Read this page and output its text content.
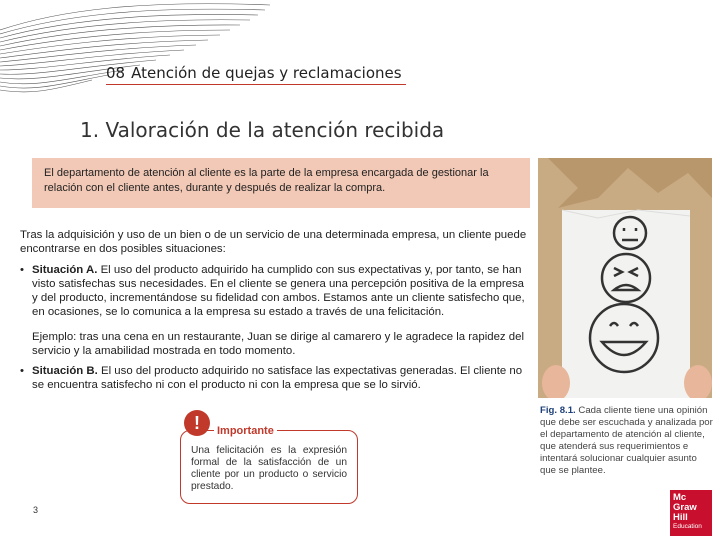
08 Atención de quejas y reclamaciones
1. Valoración de la atención recibida
El departamento de atención al cliente es la parte de la empresa encargada de gestionar la relación con el cliente antes, durante y después de realizar la compra.
Tras la adquisición y uso de un bien o de un servicio de una determinada empresa, un cliente puede encontrarse en dos posibles situaciones:
• Situación A. El uso del producto adquirido ha cumplido con sus expectativas y, por tanto, se han visto satisfechas sus necesidades. En el cliente se genera una percepción positiva de la empresa y del producto, incrementándose su fidelidad con ambos. Estamos ante un cliente satisfecho que, en ocasiones, se lo comunica a la empresa su estado a través de una felicitación.
Ejemplo: tras una cena en un restaurante, Juan se dirige al camarero y le agradece la rapidez del servicio y la amabilidad mostrada en todo momento.
• Situación B. El uso del producto adquirido no satisface las expectativas generadas. El cliente no se encuentra satisfecho ni con el producto ni con la empresa que se lo sirvió.
Fig. 8.1. Cada cliente tiene una opinión que debe ser escuchada y analizada por el departamento de atención al cliente, que atenderá sus requerimientos e intentará solucionar cualquier asunto que se plantee.
Una felicitación es la expresión formal de la satisfacción de un cliente por un producto o servicio prestado.
!	Importante
3
Mc
Graw
Hill
Education
